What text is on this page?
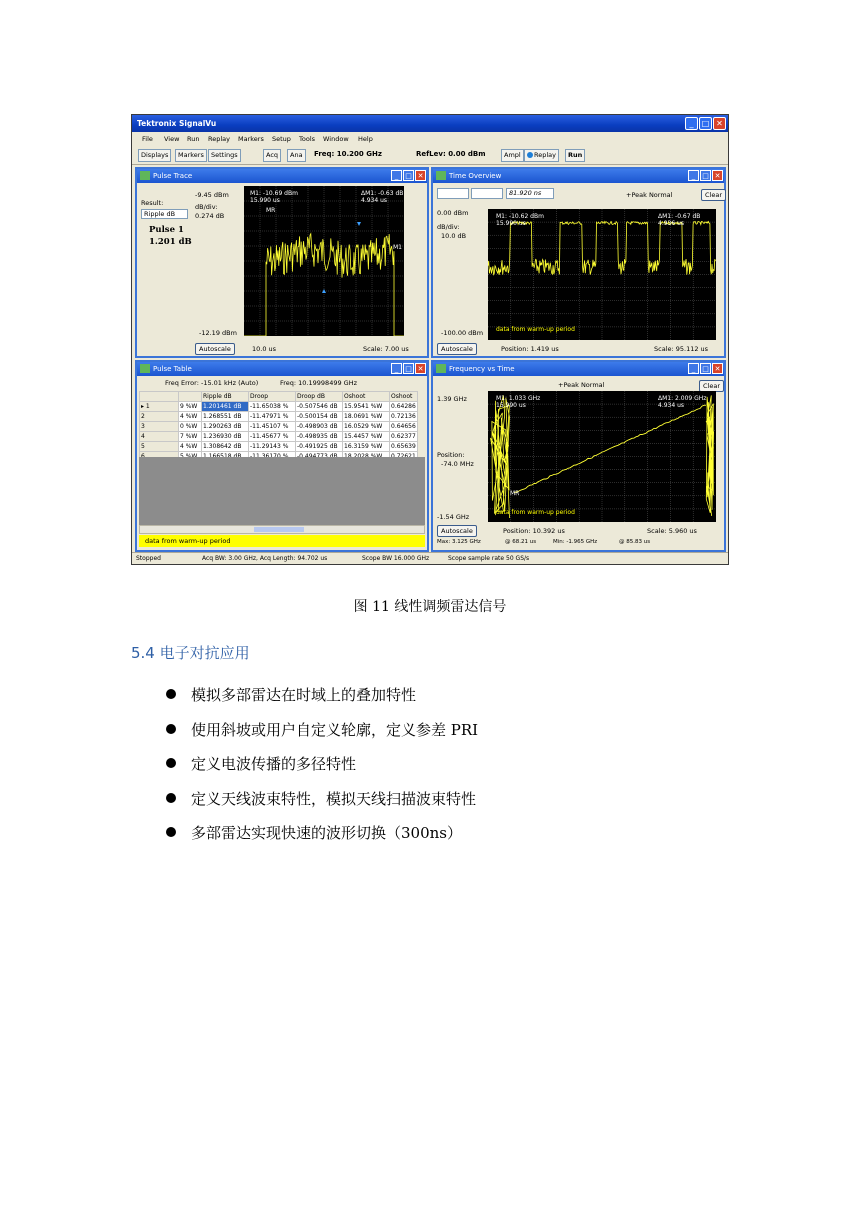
Tektronix SignalVu	_	□ ✕
File View Run Replay Markers Setup Tools Window Help
Displays	Markers	Settings	Acq	Ana	Freq: 10.200 GHz	RefLev: 0.00 dBm	Ampl	Replay	Run
Pulse Trace	_ □ ✕
-9.45 dBm
Result:
Ripple dB
dB/div:
0.274 dB
Pulse 1
1.201 dB
-12.19 dBm
M1: -10.69 dBm
15.990 us
ΔM1: -0.63 dB
4.934 us
MR
M1
Autoscale	10.0 us	Scale: 7.00 us
Time Overview	_ □ ✕
81.920 ns	+Peak Normal	Clear
0.00 dBm
dB/div:
10.0 dB
-100.00 dBm
M1: -10.62 dBm
15.990 us
ΔM1: -0.67 dB
4.936 us
data from warm-up period
Autoscale	Position: 1.419 us	Scale: 95.112 us
Pulse Table	_ □ ✕
Freq Error: -15.01 kHz (Auto)	Freq: 10.19998499 GHz
		Ripple dB	Droop	Droop dB	Oshoot	Oshoot
▸ 1	9 %W	1.201461 dB	-11.65038 %	-0.507546 dB	15.9541 %W	0.64286
2	4 %W	1.268551 dB	-11.47971 %	-0.500154 dB	18.0691 %W	0.72136
3	0 %W	1.290263 dB	-11.45107 %	-0.498903 dB	16.0529 %W	0.64656
4	7 %W	1.236930 dB	-11.45677 %	-0.498935 dB	15.4457 %W	0.62377
5	4 %W	1.308642 dB	-11.29143 %	-0.491925 dB	16.3159 %W	0.65639

data from warm-up period
Frequency vs Time	_ □ ✕
+Peak Normal	Clear
1.39 GHz
Position:
-74.0 MHz
-1.54 GHz
M1: 1.033 GHz
15.990 us
ΔM1: 2.009 GHz
4.934 us
MR
data from warm-up period
Autoscale	Position: 10.392 us	Scale: 5.960 us
Max: 3.125 GHz	@ 68.21 us	Min: -1.965 GHz	@ 85.83 us
Stopped	Acq BW: 3.00 GHz, Acq Length: 94.702 us	Scope BW 16.000 GHz	Scope sample rate 50 GS/s
图 11 线性调频雷达信号
5.4 电子对抗应用
模拟多部雷达在时域上的叠加特性
使用斜坡或用户自定义轮廓，定义参差 PRI
定义电波传播的多径特性
定义天线波束特性，模拟天线扫描波束特性
多部雷达实现快速的波形切换（300ns）
